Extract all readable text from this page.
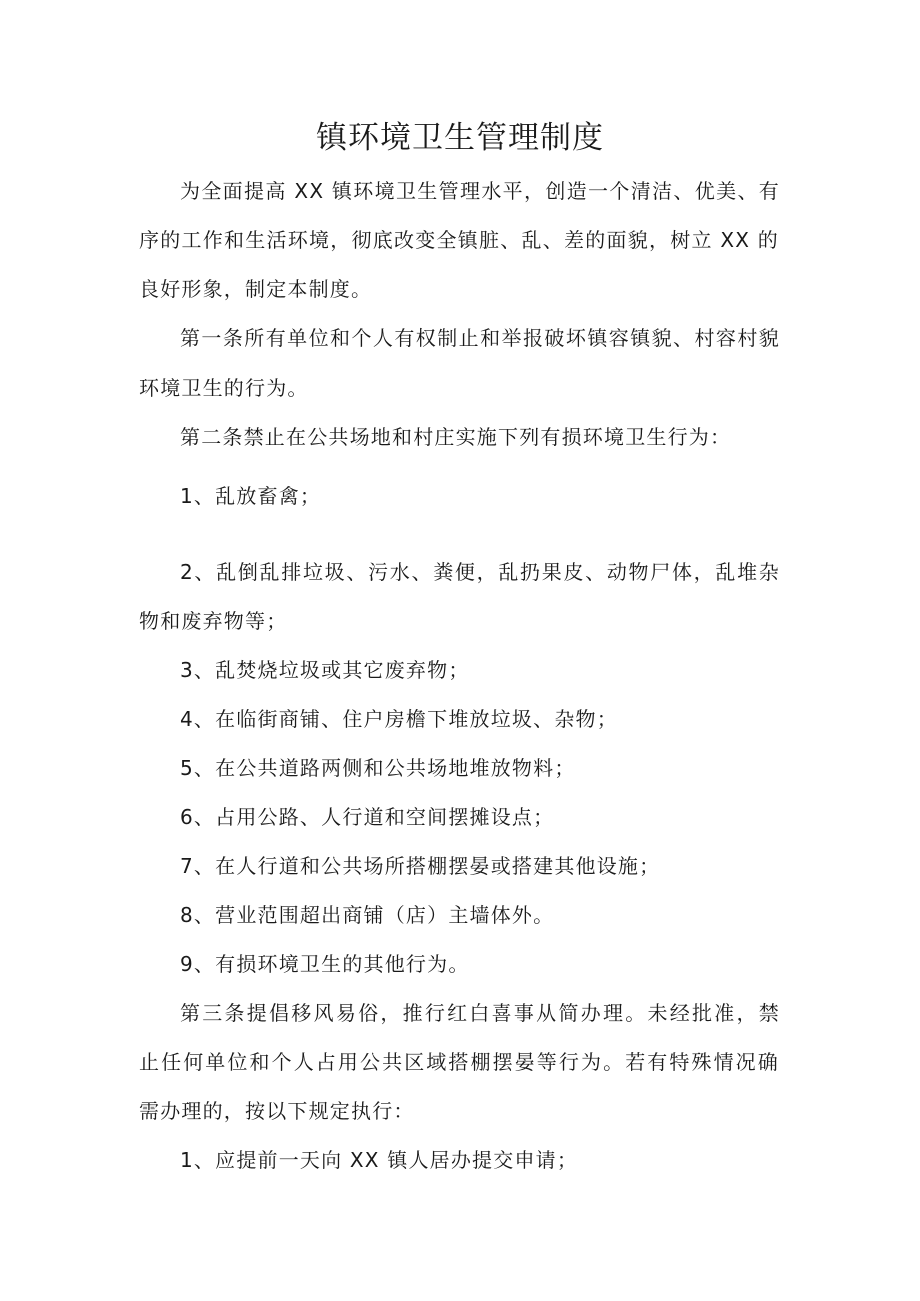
镇环境卫生管理制度
为全面提高 XX 镇环境卫生管理水平，创造一个清洁、优美、有
序的工作和生活环境，彻底改变全镇脏、乱、差的面貌，树立 XX 的
良好形象，制定本制度。
第一条所有单位和个人有权制止和举报破坏镇容镇貌、村容村貌
环境卫生的行为。
第二条禁止在公共场地和村庄实施下列有损环境卫生行为：
1、乱放畜禽；
2、乱倒乱排垃圾、污水、粪便，乱扔果皮、动物尸体，乱堆杂
物和废弃物等；
3、乱焚烧垃圾或其它废弃物；
4、在临街商铺、住户房檐下堆放垃圾、杂物；
5、在公共道路两侧和公共场地堆放物料；
6、占用公路、人行道和空间摆摊设点；
7、在人行道和公共场所搭棚摆晏或搭建其他设施；
8、营业范围超出商铺（店）主墙体外。
9、有损环境卫生的其他行为。
第三条提倡移风易俗，推行红白喜事从简办理。未经批准，禁
止任何单位和个人占用公共区域搭棚摆晏等行为。若有特殊情况确
需办理的，按以下规定执行：
1、应提前一天向 XX 镇人居办提交申请；
